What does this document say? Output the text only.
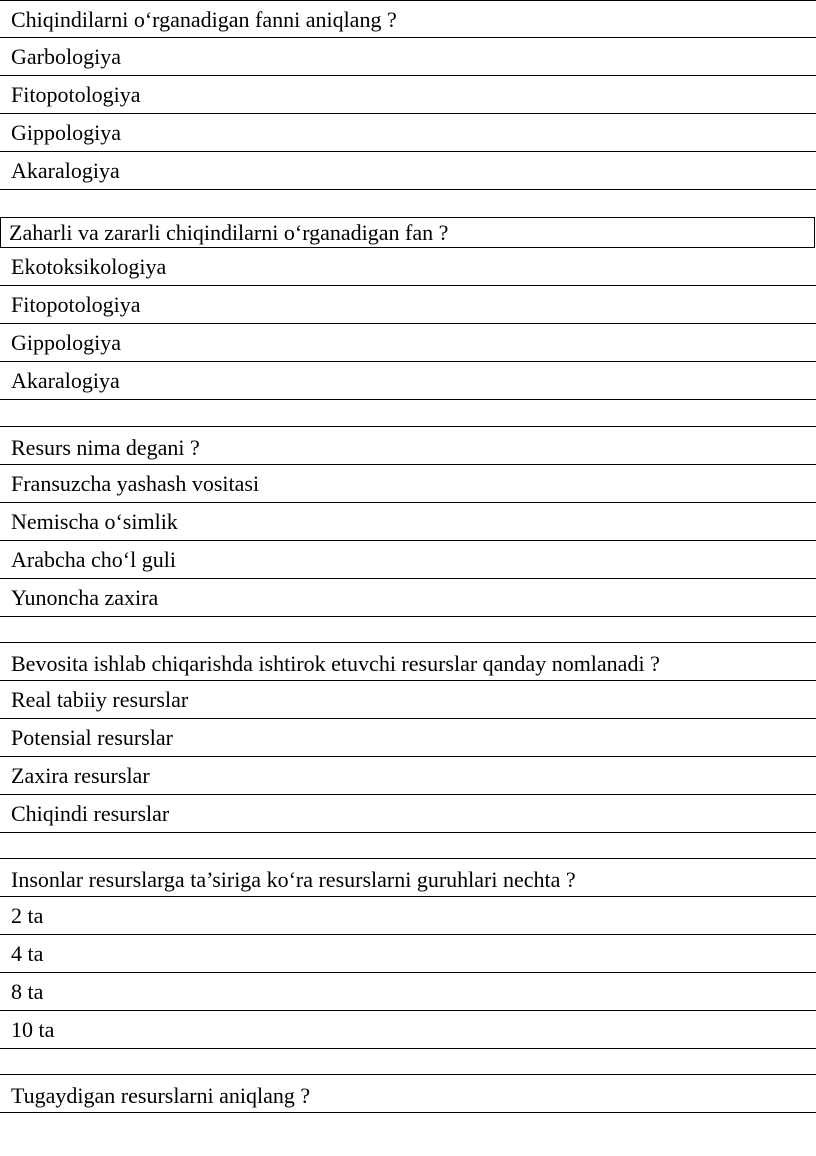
Chiqindilarni o‘rganadigan fanni aniqlang ?
Garbologiya
Fitopotologiya
Gippologiya
Akaralogiya
Zaharli va zararli chiqindilarni o‘rganadigan fan ?
Ekotoksikologiya
Fitopotologiya
Gippologiya
Akaralogiya
Resurs nima degani ?
Fransuzcha yashash vositasi
Nemischa o‘simlik
Arabcha cho‘l guli
Yunoncha zaxira
Bevosita ishlab chiqarishda ishtirok etuvchi resurslar qanday nomlanadi ?
Real tabiiy resurslar
Potensial resurslar
Zaxira resurslar
Chiqindi resurslar
Insonlar resurslarga ta’siriga ko‘ra resurslarni guruhlari nechta ?
2 ta
4 ta
8 ta
10 ta
Tugaydigan resurslarni aniqlang ?
